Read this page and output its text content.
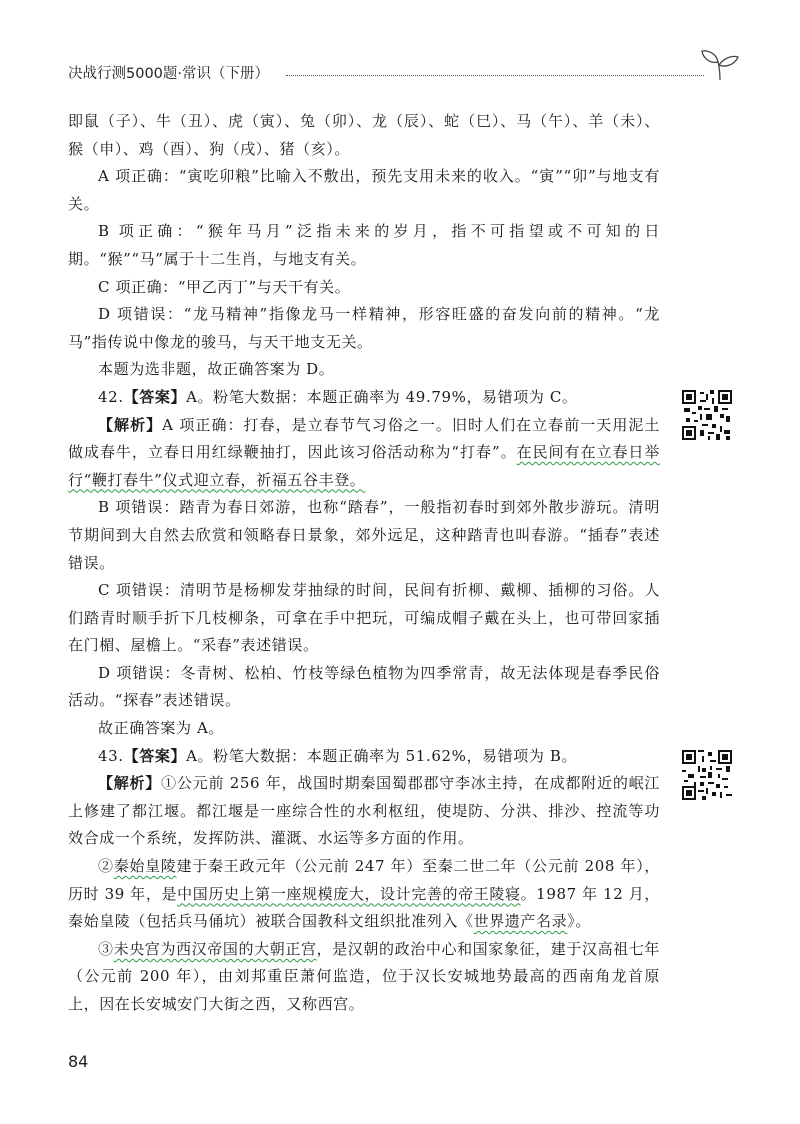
决战行测5000题·常识（下册）

即鼠（子）、牛（丑）、虎（寅）、兔（卯）、龙（辰）、蛇（巳）、马（午）、羊（未）、猴（申）、鸡（酉）、狗（戌）、猪（亥）。

A 项正确：“寅吃卯粮”比喻入不敷出，预先支用未来的收入。“寅”“卯”与地支有关。

B 项正确：“猴年马月”泛指未来的岁月，指不可指望或不可知的日期。“猴”“马”属于十二生肖，与地支有关。

C 项正确：“甲乙丙丁”与天干有关。

D 项错误：“龙马精神”指像龙马一样精神，形容旺盛的奋发向前的精神。“龙马”指传说中像龙的骏马，与天干地支无关。

本题为选非题，故正确答案为 D。

42.【答案】A。粉笔大数据：本题正确率为 49.79%，易错项为 C。

【解析】A 项正确：打春，是立春节气习俗之一。旧时人们在立春前一天用泥土做成春牛，立春日用红绿鞭抽打，因此该习俗活动称为“打春”。在民间有在立春日举行“鞭打春牛”仪式迎立春，祈福五谷丰登。

B 项错误：踏青为春日郊游，也称“踏春”，一般指初春时到郊外散步游玩。清明节期间到大自然去欣赏和领略春日景象，郊外远足，这种踏青也叫春游。“插春”表述错误。

C 项错误：清明节是杨柳发芽抽绿的时间，民间有折柳、戴柳、插柳的习俗。人们踏青时顺手折下几枝柳条，可拿在手中把玩，可编成帽子戴在头上，也可带回家插在门楣、屋檐上。“采春”表述错误。

D 项错误：冬青树、松柏、竹枝等绿色植物为四季常青，故无法体现是春季民俗活动。“探春”表述错误。

故正确答案为 A。

43.【答案】A。粉笔大数据：本题正确率为 51.62%，易错项为 B。

【解析】①公元前 256 年，战国时期秦国蜀郡郡守李冰主持，在成都附近的岷江上修建了都江堰。都江堰是一座综合性的水利枢纽，使堤防、分洪、排沙、控流等功效合成一个系统，发挥防洪、灌溉、水运等多方面的作用。

②秦始皇陵建于秦王政元年（公元前 247 年）至秦二世二年（公元前 208 年），历时 39 年，是中国历史上第一座规模庞大，设计完善的帝王陵寝。1987 年 12 月，秦始皇陵（包括兵马俑坑）被联合国教科文组织批准列入《世界遗产名录》。

③未央宫为西汉帝国的大朝正宫，是汉朝的政治中心和国家象征，建于汉高祖七年（公元前 200 年），由刘邦重臣萧何监造，位于汉长安城地势最高的西南角龙首原上，因在长安城安门大街之西，又称西宫。

84
